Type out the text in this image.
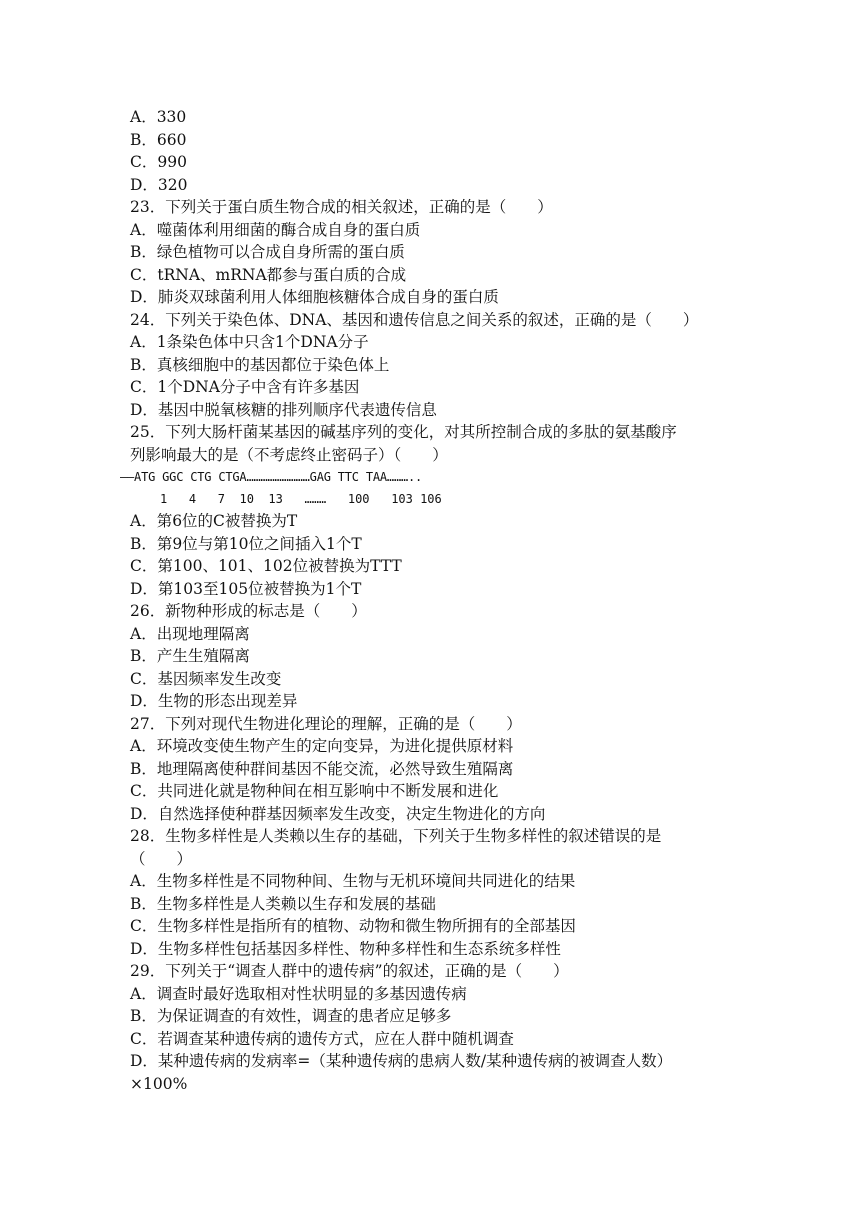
A．330
B．660
C．990
D．320
23．下列关于蛋白质生物合成的相关叙述，正确的是（　　）
A．噬菌体利用细菌的酶合成自身的蛋白质
B．绿色植物可以合成自身所需的蛋白质
C．tRNA、mRNA都参与蛋白质的合成
D．肺炎双球菌利用人体细胞核糖体合成自身的蛋白质
24．下列关于染色体、DNA、基因和遗传信息之间关系的叙述，正确的是（　　）
A．1条染色体中只含1个DNA分子
B．真核细胞中的基因都位于染色体上
C．1个DNA分子中含有许多基因
D．基因中脱氧核糖的排列顺序代表遗传信息
25．下列大肠杆菌某基因的碱基序列的变化，对其所控制合成的多肽的氨基酸序
列影响最大的是（不考虑终止密码子）（　　）
——ATG GGC CTG CTGA………………………GAG TTC TAA………..
1   4   7  10  13   ………   100   103 106
A．第6位的C被替换为T
B．第9位与第10位之间插入1个T
C．第100、101、102位被替换为TTT
D．第103至105位被替换为1个T
26．新物种形成的标志是（　　）
A．出现地理隔离
B．产生生殖隔离
C．基因频率发生改变
D．生物的形态出现差异
27．下列对现代生物进化理论的理解，正确的是（　　）
A．环境改变使生物产生的定向变异，为进化提供原材料
B．地理隔离使种群间基因不能交流，必然导致生殖隔离
C．共同进化就是物种间在相互影响中不断发展和进化
D．自然选择使种群基因频率发生改变，决定生物进化的方向
28．生物多样性是人类赖以生存的基础，下列关于生物多样性的叙述错误的是
（　　）
A．生物多样性是不同物种间、生物与无机环境间共同进化的结果
B．生物多样性是人类赖以生存和发展的基础
C．生物多样性是指所有的植物、动物和微生物所拥有的全部基因
D．生物多样性包括基因多样性、物种多样性和生态系统多样性
29．下列关于“调查人群中的遗传病”的叙述，正确的是（　　）
A．调查时最好选取相对性状明显的多基因遗传病
B．为保证调查的有效性，调查的患者应足够多
C．若调查某种遗传病的遗传方式，应在人群中随机调查
D．某种遗传病的发病率=（某种遗传病的患病人数/某种遗传病的被调查人数）
×100%
